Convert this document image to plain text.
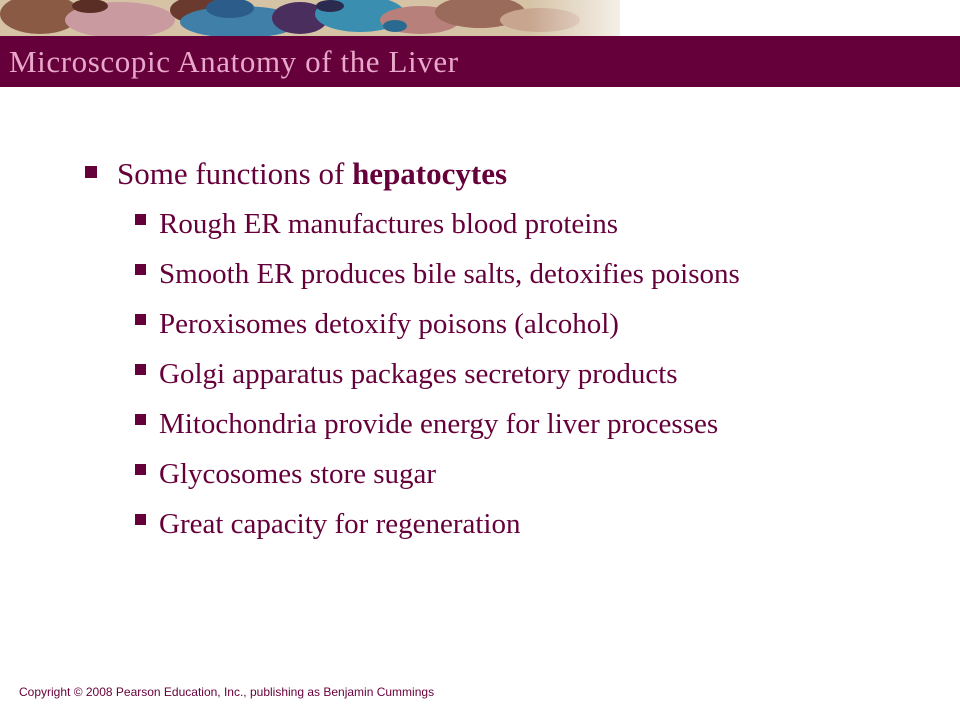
Microscopic Anatomy of the Liver
Some functions of hepatocytes
Rough ER manufactures blood proteins
Smooth ER produces bile salts, detoxifies poisons
Peroxisomes detoxify poisons (alcohol)
Golgi apparatus packages secretory products
Mitochondria provide energy for liver processes
Glycosomes store sugar
Great capacity for regeneration
Copyright © 2008 Pearson Education, Inc., publishing as Benjamin Cummings
